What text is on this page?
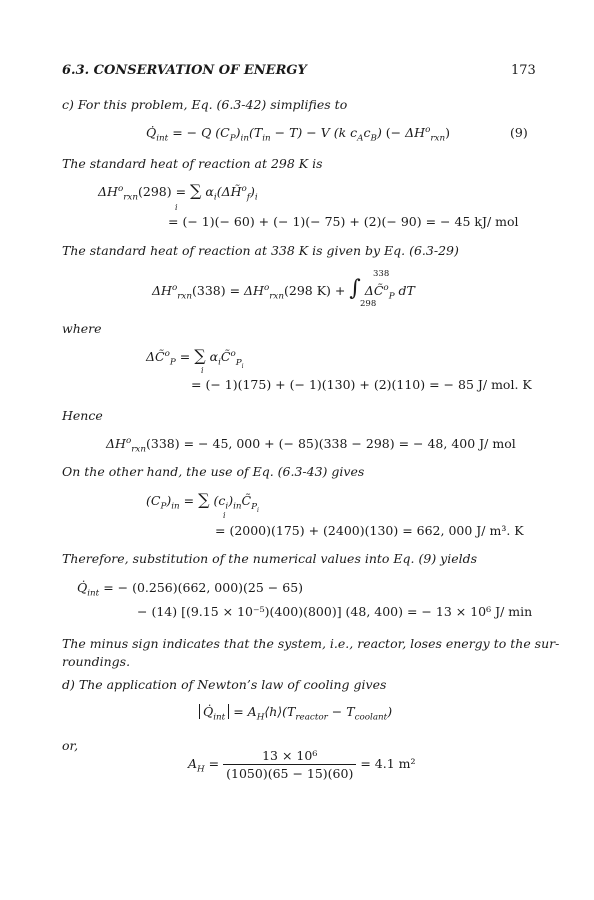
6.3. CONSERVATION OF ENERGY	173
c) For this problem, Eq. (6.3-42) simplifies to
$Q̇_{int}$ = − Q $(C_P)_{in}(T_{in} - T) - V$ (k $c_Ac_B$) (− $\Delta H^o_{rxn}$)	(9)
The standard heat of reaction at 298 K is
$\Delta H^o_{rxn}(298)$ = ∑ $\alpha_i(\Delta H̃^o_f)_i$
i
= (− 1)(− 60) + (− 1)(− 75) + (2)(− 90) = − 45 kJ/ mol
The standard heat of reaction at 338 K is given by Eq. (6.3-29)
$\Delta H^o_{rxn}(338) = \Delta H^o_{rxn}(298$ K) + ∫ ΔC̃$^o_P$ dT
338
298
where
ΔC̃$^o_P$ = ∑ $\alpha_iC̃^o_{P_i}$
i
= (− 1)(175) + (− 1)(130) + (2)(110) = − 85 J/ mol. K
Hence
$\Delta H^o_{rxn}(338)$ = − 45, 000 + (− 85)(338 − 298) = − 48, 400 J/ mol
On the other hand, the use of Eq. (6.3-43) gives
$(C_P)_{in}$ = ∑ $(c_i)_{in}C̃_{P_i}$
i
= (2000)(175) + (2400)(130) = 662, 000 J/ m³. K
Therefore, substitution of the numerical values into Eq. (9) yields
$Q̇_{int}$ = − (0.256)(662, 000)(25 − 65)
− (14) [(9.15 × 10⁻⁵)(400)(800)] (48, 400) = − 13 × 10⁶ J/ min
The minus sign indicates that the system, i.e., reactor, loses energy to the sur-
roundings.
d) The application of Newton’s law of cooling gives
$Q̇_{int}$ = $A_H⟨h⟩(T_{reactor} - T_{coolant})$
or,
$A_H = \frac{\text{13 × 10⁶}}{(1050)(65 - 15)(60)} = 4.1$ m²
